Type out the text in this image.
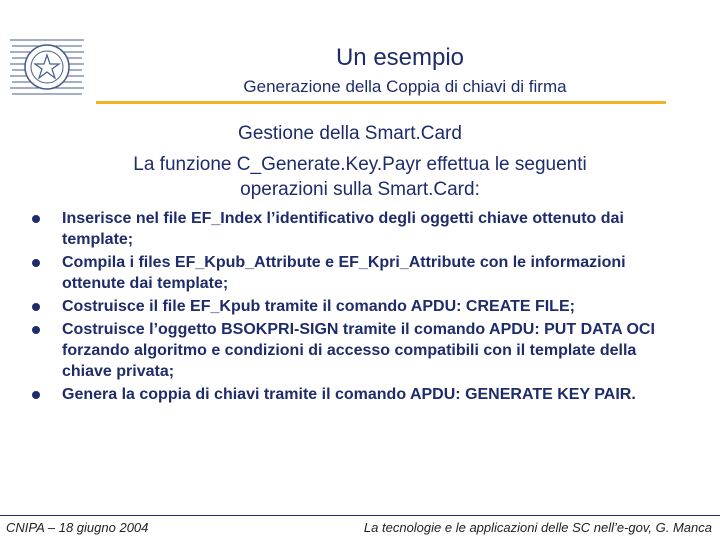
Un esempio
Generazione della Coppia di chiavi di firma
Gestione della Smart.Card
La funzione C_Generate.Key.Payr effettua le seguenti
operazioni sulla Smart.Card:
Inserisce nel file EF_Index l’identificativo degli oggetti chiave ottenuto dai template;
Compila i files EF_Kpub_Attribute e EF_Kpri_Attribute con le informazioni ottenute dai template;
Costruisce il file EF_Kpub tramite il comando APDU: CREATE FILE;
Costruisce l’oggetto BSOKPRI-SIGN tramite il comando APDU: PUT DATA OCI forzando algoritmo e condizioni di accesso compatibili con il template della chiave privata;
Genera la coppia di chiavi tramite il comando APDU: GENERATE KEY PAIR.
CNIPA – 18 giugno 2004	La tecnologie e le applicazioni delle SC nell’e-gov, G. Manca
